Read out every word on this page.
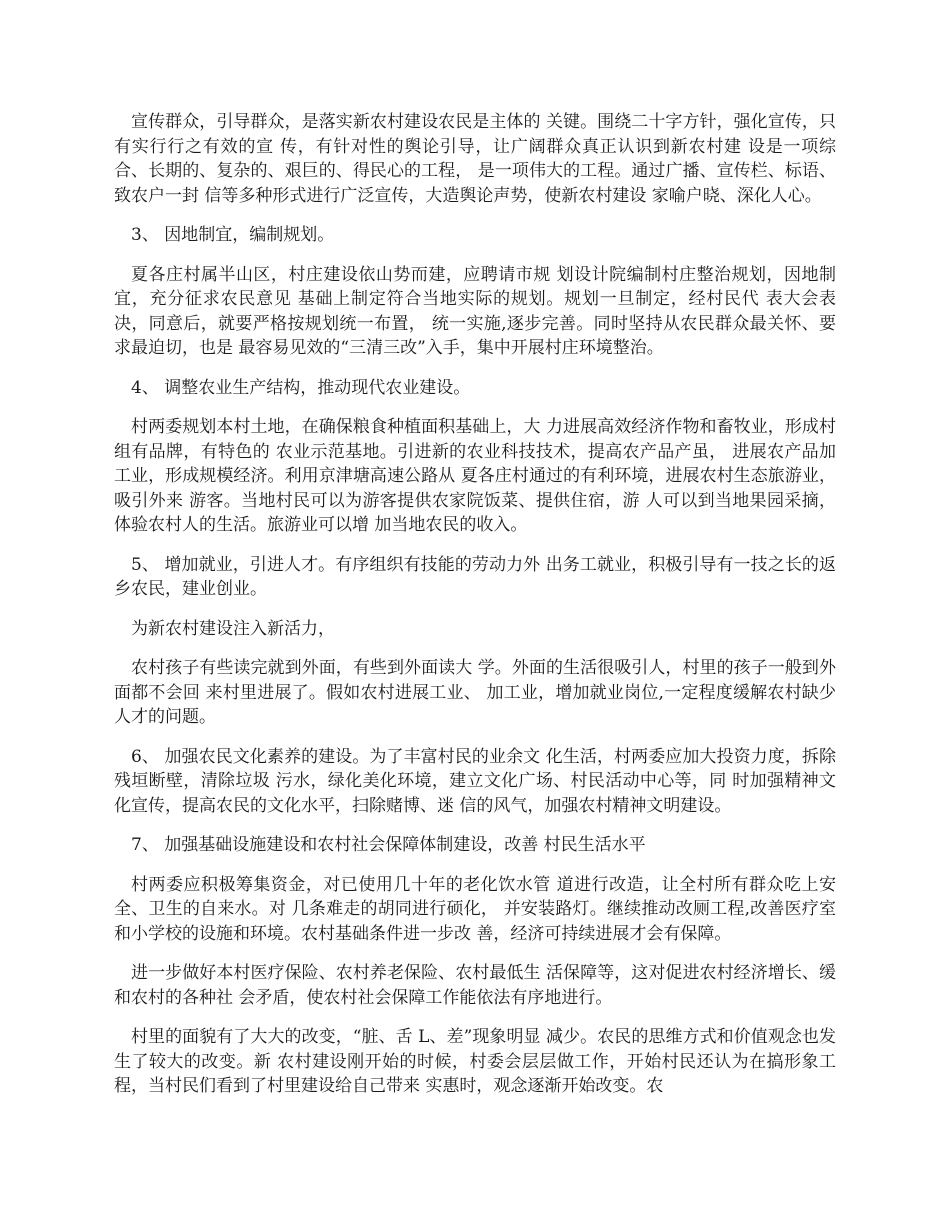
宣传群众，引导群众，是落实新农村建设农民是主体的 关键。围绕二十字方针，强化宣传，只有实行行之有效的宣 传，有针对性的舆论引导，让广阔群众真正认识到新农村建 设是一项综合、长期的、复杂的、艰巨的、得民心的工程， 是一项伟大的工程。通过广播、宣传栏、标语、致农户一封 信等多种形式进行广泛宣传，大造舆论声势，使新农村建设 家喻户晓、深化人心。

3、 因地制宜，编制规划。

夏各庄村属半山区，村庄建设依山势而建，应聘请市规 划设计院编制村庄整治规划，因地制宜，充分征求农民意见 基础上制定符合当地实际的规划。规划一旦制定，经村民代 表大会表决，同意后，就要严格按规划统一布置， 统一实施,逐步完善。同时坚持从农民群众最关怀、要求最迫切，也是 最容易见效的“三清三改”入手，集中开展村庄环境整治。

4、 调整农业生产结构，推动现代农业建设。

村两委规划本村土地，在确保粮食种植面积基础上，大 力进展高效经济作物和畜牧业，形成村组有品牌，有特色的 农业示范基地。引进新的农业科技技术，提高农产品产虽， 进展农产品加工业，形成规模经济。利用京津塘高速公路从 夏各庄村通过的有利环境，进展农村生态旅游业，吸引外来 游客。当地村民可以为游客提供农家院饭菜、提供住宿，游 人可以到当地果园采摘，体验农村人的生活。旅游业可以增 加当地农民的收入。

5、 增加就业，引进人才。有序组织有技能的劳动力外 出务工就业，积极引导有一技之长的返乡农民，建业创业。

为新农村建设注入新活力，

农村孩子有些读完就到外面，有些到外面读大 学。外面的生活很吸引人，村里的孩子一般到外面都不会回 来村里进展了。假如农村进展工业、 加工业，增加就业岗位,一定程度缓解农村缺少人才的问题。

6、 加强农民文化素养的建设。为了丰富村民的业余文 化生活，村两委应加大投资力度，拆除残垣断壁，清除垃圾 污水，绿化美化环境，建立文化广场、村民活动中心等，同 时加强精神文化宣传，提高农民的文化水平，扫除赌博、迷 信的风气，加强农村精神文明建设。

7、 加强基础设施建设和农村社会保障体制建设，改善 村民生活水平

村两委应积极筹集资金，对已使用几十年的老化饮水管 道进行改造，让全村所有群众吃上安全、卫生的自来水。对 几条难走的胡同进行硕化， 并安装路灯。继续推动改厕工程,改善医疗室和小学校的设施和环境。农村基础条件进一步改 善，经济可持续进展才会有保障。

进一步做好本村医疗保险、农村养老保险、农村最低生 活保障等，这对促进农村经济增长、缓和农村的各种社 会矛盾，使农村社会保障工作能依法有序地进行。

村里的面貌有了大大的改变，“脏、舌 L、差”现象明显 减少。农民的思维方式和价值观念也发生了较大的改变。新 农村建设刚开始的时候，村委会层层做工作，开始村民还认为在搞形象工程，当村民们看到了村里建设给自己带来 实惠时，观念逐渐开始改变。农
